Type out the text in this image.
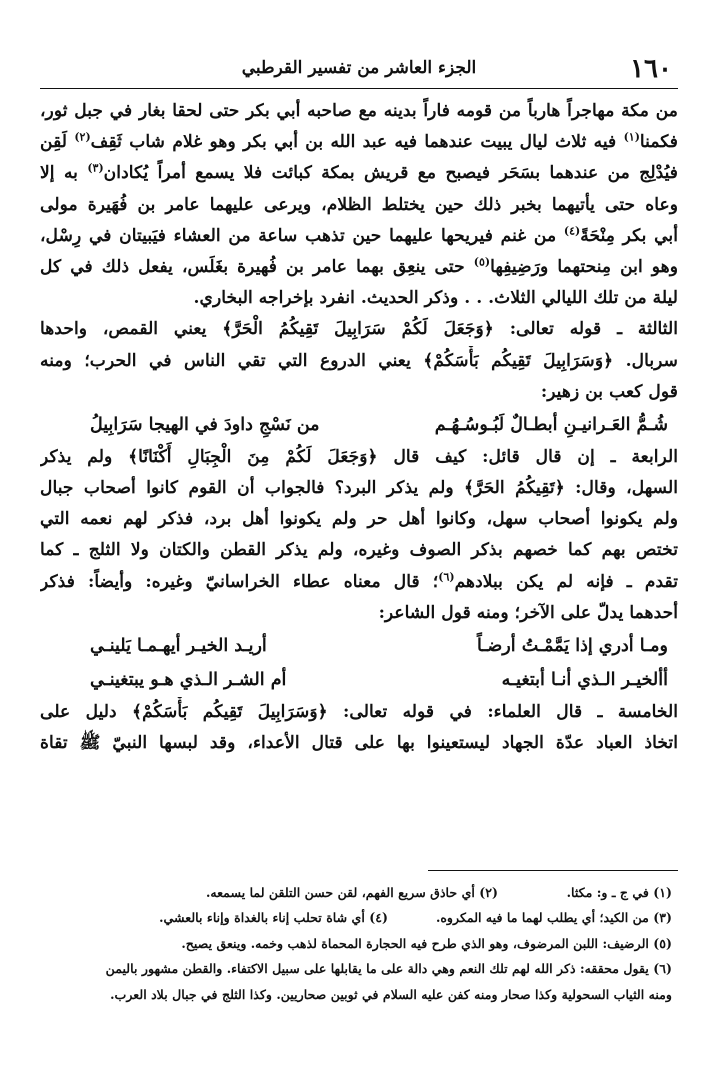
١٦٠
الجزء العاشر من تفسير القرطبي
من مكة مهاجراً هارباً من قومه فاراً بدينه مع صاحبه أبي بكر حتى لحقا بغار في جبل ثور،
فكمنا$^{(١)}$ فيه ثلاث ليال يبيت عندهما فيه عبد الله بن أبي بكر وهو غلام شاب ثَقِف$^{(٢)}$ لَقِن
فيُدْلِج من عندهما بسَحَر فيصبح مع قريش بمكة كبائت فلا يسمع أمراً يُكادان$^{(٣)}$ به إلا
وعاه حتى يأتيهما بخبر ذلك حين يختلط الظلام، ويرعى عليهما عامر بن فُهَيرة مولى
أبي بكر مِنْحَةً$^{(٤)}$ من غنم فيريحها عليهما حين تذهب ساعة من العشاء فيَبيتان في رِسْل،
وهو ابن مِنحتهما ورَضِيفِها$^{(٥)}$ حتى ينعِق بهما عامر بن فُهيرة بغَلَس، يفعل ذلك في كل
ليلة من تلك الليالي الثلاث. . . وذكر الحديث. انفرد بإخراجه البخاري.
الثالثة ـ قوله تعالى: ﴿وَجَعَلَ لَكُمْ سَرَابِيلَ تَقِيكُمُ الْحَرَّ﴾ يعني القمص، واحدها
سربال. ﴿وَسَرَابِيلَ تَقِيكُم بَأْسَكُمْ﴾ يعني الدروع التي تقي الناس في الحرب؛ ومنه
قول كعب بن زهير:
شُـمُّ العَـرانيـنِ أبطـالٌ لَبُـوسُـهُـم
من نَسْجِ داودَ في الهيجا سَرَابِيلُ
الرابعة ـ إن قال قائل: كيف قال ﴿وَجَعَلَ لَكُمْ مِنَ الْجِبَالِ أَكْنَانًا﴾ ولم يذكر
السهل، وقال: ﴿تَقِيكُمُ الحَرَّ﴾ ولم يذكر البرد؟ فالجواب أن القوم كانوا أصحاب جبال
ولم يكونوا أصحاب سهل، وكانوا أهل حر ولم يكونوا أهل برد، فذكر لهم نعمه التي
تختص بهم كما خصهم بذكر الصوف وغيره، ولم يذكر القطن والكتان ولا الثلج ـ كما
تقدم ـ فإنه لم يكن ببلادهم$^{(٦)}$؛ قال معناه عطاء الخراسانيّ وغيره: وأيضاً: فذكر
أحدهما يدلّ على الآخر؛ ومنه قول الشاعر:
ومـا أدري إذا يَمَّمْـتُ أرضـاً
أريـد الخيـر أيهـمـا يَلينـي
أألخيـر الـذي أنـا أبتغيـه
أم الشـر الـذي هـو يبتغينـي
الخامسة ـ قال العلماء: في قوله تعالى: ﴿وَسَرَابِيلَ تَقِيكُم بَأْسَكُمْ﴾ دليل على
اتخاذ العباد عدّة الجهاد ليستعينوا بها على قتال الأعداء، وقد لبسها النبيّ ﷺ تقاة
(١) في ج ـ و: مكثا.
(٢) أي حاذق سريع الفهم، لقن حسن التلقن لما يسمعه.
(٣) من الكيد؛ أي يطلب لهما ما فيه المكروه.
(٤) أي شاة تحلب إناء بالغداة وإناء بالعشي.
(٥) الرضيف: اللبن المرضوف، وهو الذي طرح فيه الحجارة المحماة لذهب وخمه. وينعق يصيح.
(٦) يقول محققه: ذكر الله لهم تلك النعم وهي دالة على ما يقابلها على سبيل الاكتفاء. والقطن مشهور باليمن
ومنه الثياب السحولية وكذا صحار ومنه كفن عليه السلام في ثوبين صحاريين. وكذا الثلج في جبال بلاد العرب.
